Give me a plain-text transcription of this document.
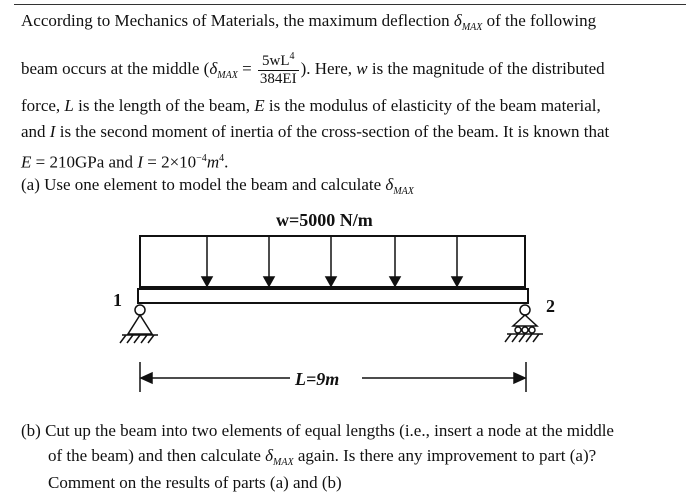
According to Mechanics of Materials, the maximum deflection $\delta_{MAX}$ of the following
beam occurs at the middle ($\delta_{MAX} = \frac{5wL^4}{384EI}$ ). Here, w is the magnitude of the distributed
force, L is the length of the beam, E is the modulus of elasticity of the beam material,
and I is the second moment of inertia of the cross-section of the beam. It is known that
E = 210GPa and $I = 2\times 10^{-4}m^4$.
(a) Use one element to model the beam and calculate $\delta_{MAX}$
w=5000 N/m
1	2
L=9m
(b) Cut up the beam into two elements of equal lengths (i.e., insert a node at the middle
of the beam) and then calculate $\delta_{MAX}$ again. Is there any improvement to part (a)?
Comment on the results of parts (a) and (b)
